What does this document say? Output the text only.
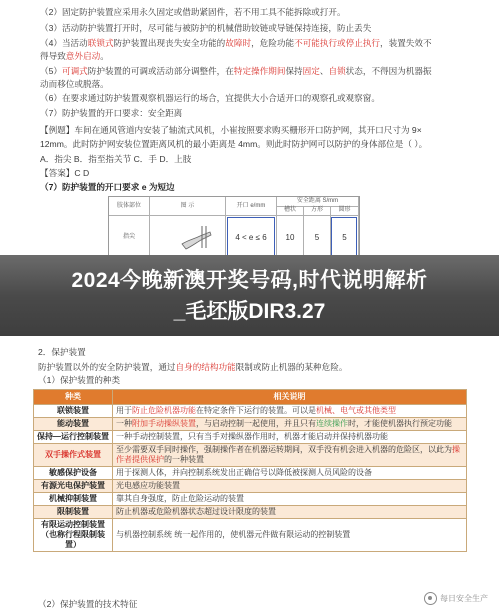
（2）固定防护装置应采用永久固定或借助紧固件，若不用工具不能拆除或打开。
（3）活动防护装置打开时，尽可能与被防护的机械借助铰链或导链保持连接，防止丢失
（4）当活动联锁式防护装置出现丧失安全功能的故障时，危险功能不可能执行或停止执行，装置失效不
得导致意外启动。
（5）可调式防护装置的可调或活动部分调整件，在特定操作期间保持固定、自锁状态，不得因为机器振
动而移位或脱落。
（6）在要求通过防护装置观察机器运行的场合，宜提供大小合适开口的观察孔或观察窗。
（7）防护装置的开口要求：安全距离
【例题】车间在通风管道内安装了轴流式风机，小崔按照要求购买栅形开口防护网，其开口尺寸为 9×
12mm。此时防护网安装位置距离风机的最小距离是 4mm。则此时防护网可以防护的身体部位是（ ）。
A．指尖 B．指至指关节 C．手 D．上肢
【答案】C D
（7）防护装置的开口要求 e 为短边
肢体部位	图 示	开口 e/mm
安全距离 S/mm
槽状	方形	圆形
指尖	4 < e ≤ 6	10	5	5
2024今晚新澳开奖号码,时代说明解析
_毛坯版DIR3.27
2．保护装置
防护装置以外的安全防护装置，通过自身的结构功能限制或防止机器的某种危险。
（1）保护装置的种类
种类	相关说明
联锁装置	用于防止危险机器功能在特定条件下运行的装置。可以是机械、电气或其他类型
能动装置	一种附加手动操纵装置，与启动控制一起使用，并且只有连续操作时，才能使机器执行预定功能
保持—运行控制装置	一种手动控制装置，只有当手对操纵器作用时，机器才能启动并保持机器功能
双手操作式装置	至少需要双手同时操作，强制操作者在机器运转期间，双手没有机会进入机器的危险区，以此为操作者提供保护的一种装置
敏感保护设备	用于探测人体，并向控制系统发出正确信号以降低被探测人员风险的设备
有源光电保护装置	光电感应功能装置
机械抑制装置	靠其自身强度，防止危险运动的装置
限制装置	防止机器或危险机器状态超过设计限度的装置
有限运动控制装置（也称行程限制装置）	与机器控制系统 统一起作用的，使机器元件做有限运动的控制装置
（2）保护装置的技术特征
每日安全生产
